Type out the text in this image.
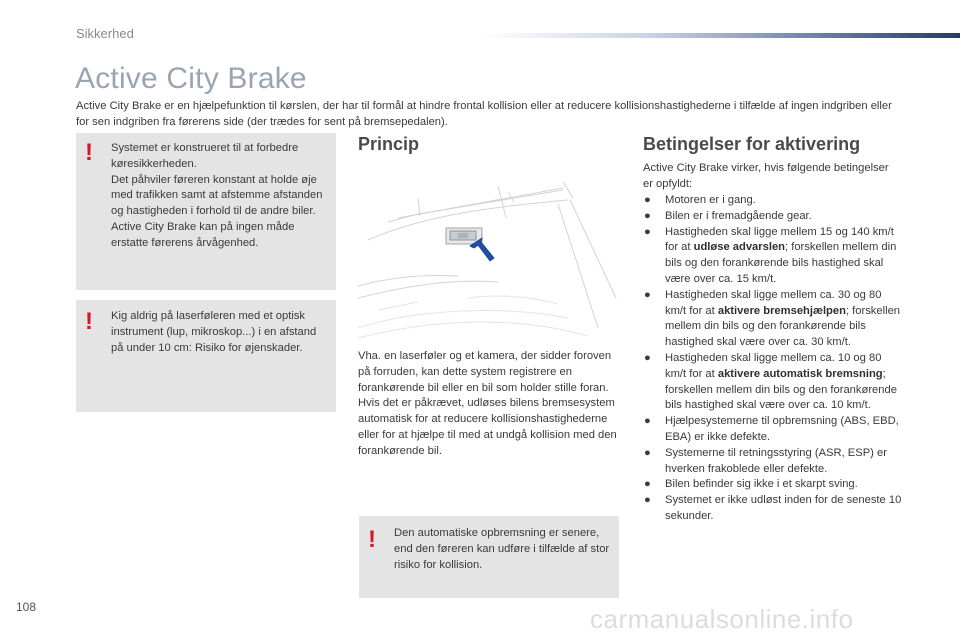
Sikkerhed
Active City Brake

Active City Brake er en hjælpefunktion til kørslen, der har til formål at hindre frontal kollision eller at reducere kollisionshastighederne i tilfælde af ingen indgriben eller for sen indgriben fra førerens side (der trædes for sent på bremsepedalen).

! Systemet er konstrueret til at forbedre køresikkerheden.
Det påhviler føreren konstant at holde øje med trafikken samt at afstemme afstanden og hastigheden i forhold til de andre biler.
Active City Brake kan på ingen måde erstatte førerens årvågenhed.
! Kig aldrig på laserføleren med et optisk instrument (lup, mikroskop...) i en afstand på under 10 cm: Risiko for øjenskader.
Princip
Vha. en laserføler og et kamera, der sidder foroven på forruden, kan dette system registrere en forankørende bil eller en bil som holder stille foran.
Hvis det er påkrævet, udløses bilens bremsesystem automatisk for at reducere kollisionshastighederne eller for at hjælpe til med at undgå kollision med den forankørende bil.
! Den automatiske opbremsning er senere, end den føreren kan udføre i tilfælde af stor risiko for kollision.
Betingelser for aktivering
Active City Brake virker, hvis følgende betingelser er opfyldt:
● Motoren er i gang.
● Bilen er i fremadgående gear.
● Hastigheden skal ligge mellem 15 og 140 km/t for at udløse advarslen; forskellen mellem din bils og den forankørende bils hastighed skal være over ca. 15 km/t.
● Hastigheden skal ligge mellem ca. 30 og 80 km/t for at aktivere bremsehjælpen; forskellen mellem din bils og den forankørende bils hastighed skal være over ca. 30 km/t.
● Hastigheden skal ligge mellem ca. 10 og 80 km/t for at aktivere automatisk bremsning; forskellen mellem din bils og den forankørende bils hastighed skal være over ca. 10 km/t.
● Hjælpesystemerne til opbremsning (ABS, EBD, EBA) er ikke defekte.
● Systemerne til retningsstyring (ASR, ESP) er hverken frakoblede eller defekte.
● Bilen befinder sig ikke i et skarpt sving.
● Systemet er ikke udløst inden for de seneste 10 sekunder.
108	carmanualsonline.info
